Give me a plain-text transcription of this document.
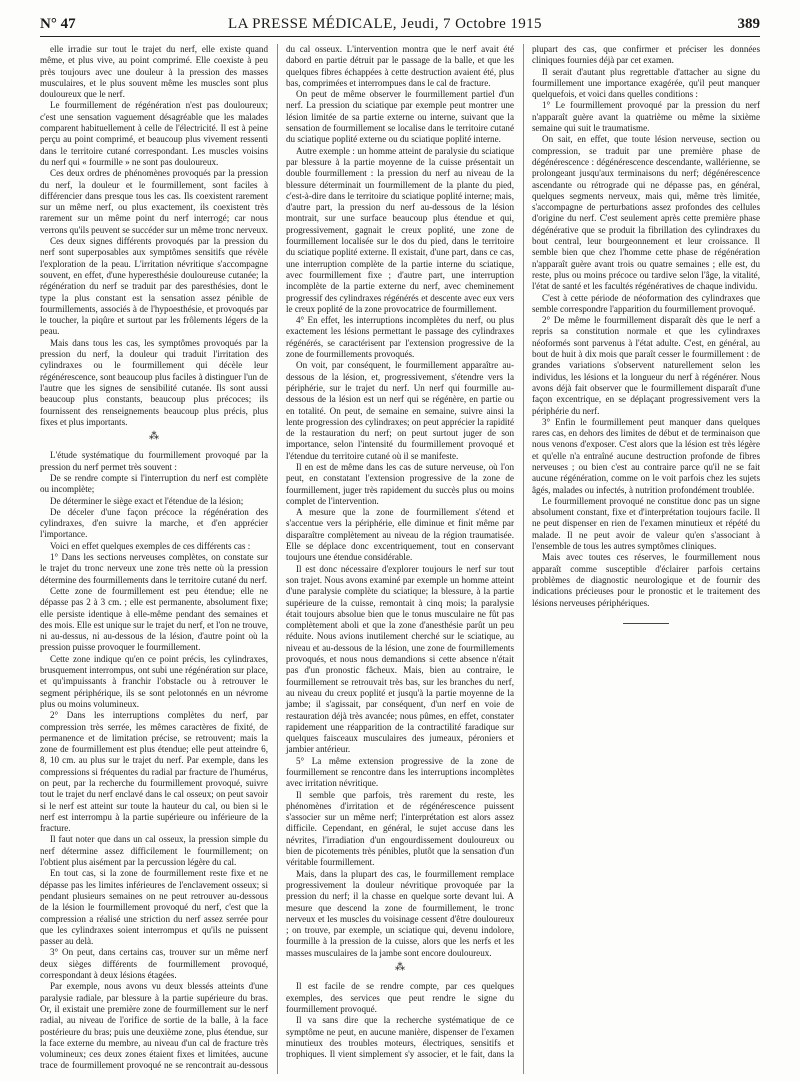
N° 47	LA PRESSE MÉDICALE, Jeudi, 7 Octobre 1915	389

elle irradie sur tout le trajet du nerf, elle existe quand même, et plus vive, au point comprimé. Elle coexiste à peu près toujours avec une douleur à la pression des masses musculaires, et le plus souvent même les muscles sont plus douloureux que le nerf.

Le fourmillement de régénération n'est pas douloureux; c'est une sensation vaguement désagréable que les malades comparent habituellement à celle de l'électricité. Il est à peine perçu au point comprimé, et beaucoup plus vivement ressenti dans le territoire cutané correspondant. Les muscles voisins du nerf qui « fourmille » ne sont pas douloureux.

Ces deux ordres de phénomènes provoqués par la pression du nerf, la douleur et le fourmillement, sont faciles à différencier dans presque tous les cas. Ils coexistent rarement sur un même nerf, ou plus exactement, ils coexistent très rarement sur un même point du nerf interrogé; car nous verrons qu'ils peuvent se succéder sur un même tronc nerveux.

Ces deux signes différents provoqués par la pression du nerf sont superposables aux symptômes sensitifs que révèle l'exploration de la peau. L'irritation névritique s'accompagne souvent, en effet, d'une hyperesthésie douloureuse cutanée; la régénération du nerf se traduit par des paresthésies, dont le type la plus constant est la sensation assez pénible de fourmillements, associés à de l'hypoesthésie, et provoqués par le toucher, la piqûre et surtout par les frôlements légers de la peau.

Mais dans tous les cas, les symptômes provoqués par la pression du nerf, la douleur qui traduit l'irritation des cylindraxes ou le fourmillement qui décèle leur régénérescence, sont beaucoup plus faciles à distinguer l'un de l'autre que les signes de sensibilité cutanée. Ils sont aussi beaucoup plus constants, beaucoup plus précoces; ils fournissent des renseignements beaucoup plus précis, plus fixes et plus importants.

⁂

L'étude systématique du fourmillement provoqué par la pression du nerf permet très souvent :

De se rendre compte si l'interruption du nerf est complète ou incomplète;

De déterminer le siège exact et l'étendue de la lésion;

De déceler d'une façon précoce la régénération des cylindraxes, d'en suivre la marche, et d'en apprécier l'importance.

Voici en effet quelques exemples de ces différents cas :

1° Dans les sections nerveuses complètes, on constate sur le trajet du tronc nerveux une zone très nette où la pression détermine des fourmillements dans le territoire cutané du nerf.

Cette zone de fourmillement est peu étendue; elle ne dépasse pas 2 à 3 cm. ; elle est permanente, absolument fixe; elle persiste identique à elle-même pendant des semaines et des mois. Elle est unique sur le trajet du nerf, et l'on ne trouve, ni au-dessus, ni au-dessous de la lésion, d'autre point où la pression puisse provoquer le fourmillement.

Cette zone indique qu'en ce point précis, les cylindraxes, brusquement interrompus, ont subi une régénération sur place, et qu'impuissants à franchir l'obstacle ou à retrouver le segment périphérique, ils se sont pelotonnés en un névrome plus ou moins volumineux.

2° Dans les interruptions complètes du nerf, par compression très serrée, les mêmes caractères de fixité, de permanence et de limitation précise, se retrouvent; mais la zone de fourmillement est plus étendue; elle peut atteindre 6, 8, 10 cm. au plus sur le trajet du nerf. Par exemple, dans les compressions si fréquentes du radial par fracture de l'humérus, on peut, par la recherche du fourmillement provoqué, suivre tout le trajet du nerf enclavé dans le cal osseux; on peut savoir si le nerf est atteint sur toute la hauteur du cal, ou bien si le nerf est interrompu à la partie supérieure ou inférieure de la fracture.

Il faut noter que dans un cal osseux, la pression simple du nerf détermine assez difficilement le fourmillement; on l'obtient plus aisément par la percussion légère du cal.

En tout cas, si la zone de fourmillement reste fixe et ne dépasse pas les limites inférieures de l'enclavement osseux; si pendant plusieurs semaines on ne peut retrouver au-dessous de la lésion le fourmillement provoqué du nerf, c'est que la compression a réalisé une striction du nerf assez serrée pour que les cylindraxes soient interrompus et qu'ils ne puissent passer au delà.

3° On peut, dans certains cas, trouver sur un même nerf deux sièges différents de fourmillement provoqué, correspondant à deux lésions étagées.

Par exemple, nous avons vu deux blessés atteints d'une paralysie radiale, par blessure à la partie supérieure du bras. Or, il existait une première zone de fourmillement sur le nerf radial, au niveau de l'orifice de sortie de la balle, à la face postérieure du bras; puis une deuxième zone, plus étendue, sur la face externe du membre, au niveau d'un cal de fracture très volumineux; ces deux zones étaient fixes et limitées, aucune trace de fourmillement provoqué ne se rencontrait au-dessous du cal osseux. L'intervention montra que le nerf avait été dabord en partie détruit par le passage de la balle, et que les quelques fibres échappées à cette destruction avaient été, plus bas, comprimées et interrompues dans le cal de fracture.

On peut de même observer le fourmillement partiel d'un nerf. La pression du sciatique par exemple peut montrer une lésion limitée de sa partie externe ou interne, suivant que la sensation de fourmillement se localise dans le territoire cutané du sciatique poplité externe ou du sciatique poplité interne.

Autre exemple : un homme atteint de paralysie du sciatique par blessure à la partie moyenne de la cuisse présentait un double fourmillement : la pression du nerf au niveau de la blessure déterminait un fourmillement de la plante du pied, c'est-à-dire dans le territoire du sciatique poplité interne; mais, d'autre part, la pression du nerf au-dessous de la lésion montrait, sur une surface beaucoup plus étendue et qui, progressivement, gagnait le creux poplité, une zone de fourmillement localisée sur le dos du pied, dans le territoire du sciatique poplité externe. Il existait, d'une part, dans ce cas, une interruption complète de la partie interne du sciatique, avec fourmillement fixe ; d'autre part, une interruption incomplète de la partie externe du nerf, avec cheminement progressif des cylindraxes régénérés et descente avec eux vers le creux poplité de la zone provocatrice de fourmillement.

4° En effet, les interruptions incomplètes du nerf, ou plus exactement les lésions permettant le passage des cylindraxes régénérés, se caractérisent par l'extension progressive de la zone de fourmillements provoqués.

On voit, par conséquent, le fourmillement apparaître au-dessous de la lésion, et, progressivement, s'étendre vers la périphérie, sur le trajet du nerf. Un nerf qui fourmille au-dessous de la lésion est un nerf qui se régénère, en partie ou en totalité. On peut, de semaine en semaine, suivre ainsi la lente progression des cylindraxes; on peut apprécier la rapidité de la restauration du nerf; on peut surtout juger de son importance, selon l'intensité du fourmillement provoqué et l'étendue du territoire cutané où il se manifeste.

Il en est de même dans les cas de suture nerveuse, où l'on peut, en constatant l'extension progressive de la zone de fourmillement, juger très rapidement du succès plus ou moins complet de l'intervention.

A mesure que la zone de fourmillement s'étend et s'accentue vers la périphérie, elle diminue et finit même par disparaître complètement au niveau de la région traumatisée. Elle se déplace donc excentriquement, tout en conservant toujours une étendue considérable.

Il est donc nécessaire d'explorer toujours le nerf sur tout son trajet. Nous avons examiné par exemple un homme atteint d'une paralysie complète du sciatique; la blessure, à la partie supérieure de la cuisse, remontait à cinq mois; la paralysie était toujours absolue bien que le tonus musculaire ne fût pas complètement aboli et que la zone d'anesthésie parût un peu réduite. Nous avions inutilement cherché sur le sciatique, au niveau et au-dessous de la lésion, une zone de fourmillements provoqués, et nous nous demandions si cette absence n'était pas d'un pronostic fâcheux. Mais, bien au contraire, le fourmillement se retrouvait très bas, sur les branches du nerf, au niveau du creux poplité et jusqu'à la partie moyenne de la jambe; il s'agissait, par conséquent, d'un nerf en voie de restauration déjà très avancée; nous pûmes, en effet, constater rapidement une réapparition de la contractilité faradique sur quelques faisceaux musculaires des jumeaux, péroniers et jambier antérieur.

5° La même extension progressive de la zone de fourmillement se rencontre dans les interruptions incomplètes avec irritation névritique.

Il semble que parfois, très rarement du reste, les phénomènes d'irritation et de régénérescence puissent s'associer sur un même nerf; l'interprétation est alors assez difficile. Cependant, en général, le sujet accuse dans les névrites, l'irradiation d'un engourdissement douloureux ou bien de picotements très pénibles, plutôt que la sensation d'un véritable fourmillement.

Mais, dans la plupart des cas, le fourmillement remplace progressivement la douleur névritique provoquée par la pression du nerf; il la chasse en quelque sorte devant lui. A mesure que descend la zone de fourmillement, le tronc nerveux et les muscles du voisinage cessent d'être douloureux ; on trouve, par exemple, un sciatique qui, devenu indolore, fourmille à la pression de la cuisse, alors que les nerfs et les masses musculaires de la jambe sont encore douloureux.

⁂

Il est facile de se rendre compte, par ces quelques exemples, des services que peut rendre le signe du fourmillement provoqué.

Il va sans dire que la recherche systématique de ce symptôme ne peut, en aucune manière, dispenser de l'examen minutieux des troubles moteurs, électriques, sensitifs et trophiques. Il vient simplement s'y associer, et le fait, dans la plupart des cas, que confirmer et préciser les données cliniques fournies déjà par cet examen.

Il serait d'autant plus regrettable d'attacher au signe du fourmillement une importance exagérée, qu'il peut manquer quelquefois, et voici dans quelles conditions :

1° Le fourmillement provoqué par la pression du nerf n'apparaît guère avant la quatrième ou même la sixième semaine qui suit le traumatisme.

On sait, en effet, que toute lésion nerveuse, section ou compression, se traduit par une première phase de dégénérescence : dégénérescence descendante, wallérienne, se prolongeant jusqu'aux terminaisons du nerf; dégénérescence ascendante ou rétrograde qui ne dépasse pas, en général, quelques segments nerveux, mais qui, même très limitée, s'accompagne de perturbations assez profondes des cellules d'origine du nerf. C'est seulement après cette première phase dégénérative que se produit la fibrillation des cylindraxes du bout central, leur bourgeonnement et leur croissance. Il semble bien que chez l'homme cette phase de régénération n'apparaît guère avant trois ou quatre semaines ; elle est, du reste, plus ou moins précoce ou tardive selon l'âge, la vitalité, l'état de santé et les facultés régénératives de chaque individu.

C'est à cette période de néoformation des cylindraxes que semble correspondre l'apparition du fourmillement provoqué.

2° De même le fourmillement disparaît dès que le nerf a repris sa constitution normale et que les cylindraxes néoformés sont parvenus à l'état adulte. C'est, en général, au bout de huit à dix mois que paraît cesser le fourmillement : de grandes variations s'observent naturellement selon les individus, les lésions et la longueur du nerf à régénérer. Nous avons déjà fait observer que le fourmillement disparaît d'une façon excentrique, en se déplaçant progressivement vers la périphérie du nerf.

3° Enfin le fourmillement peut manquer dans quelques rares cas, en dehors des limites de début et de terminaison que nous venons d'exposer. C'est alors que la lésion est très légère et qu'elle n'a entraîné aucune destruction profonde de fibres nerveuses ; ou bien c'est au contraire parce qu'il ne se fait aucune régénération, comme on le voit parfois chez les sujets âgés, malades ou infectés, à nutrition profondément troublée.

Le fourmillement provoqué ne constitue donc pas un signe absolument constant, fixe et d'interprétation toujours facile. Il ne peut dispenser en rien de l'examen minutieux et répété du malade. Il ne peut avoir de valeur qu'en s'associant à l'ensemble de tous les autres symptômes cliniques.

Mais avec toutes ces réserves, le fourmillement nous apparaît comme susceptible d'éclairer parfois certains problèmes de diagnostic neurologique et de fournir des indications précieuses pour le pronostic et le traitement des lésions nerveuses périphériques.
